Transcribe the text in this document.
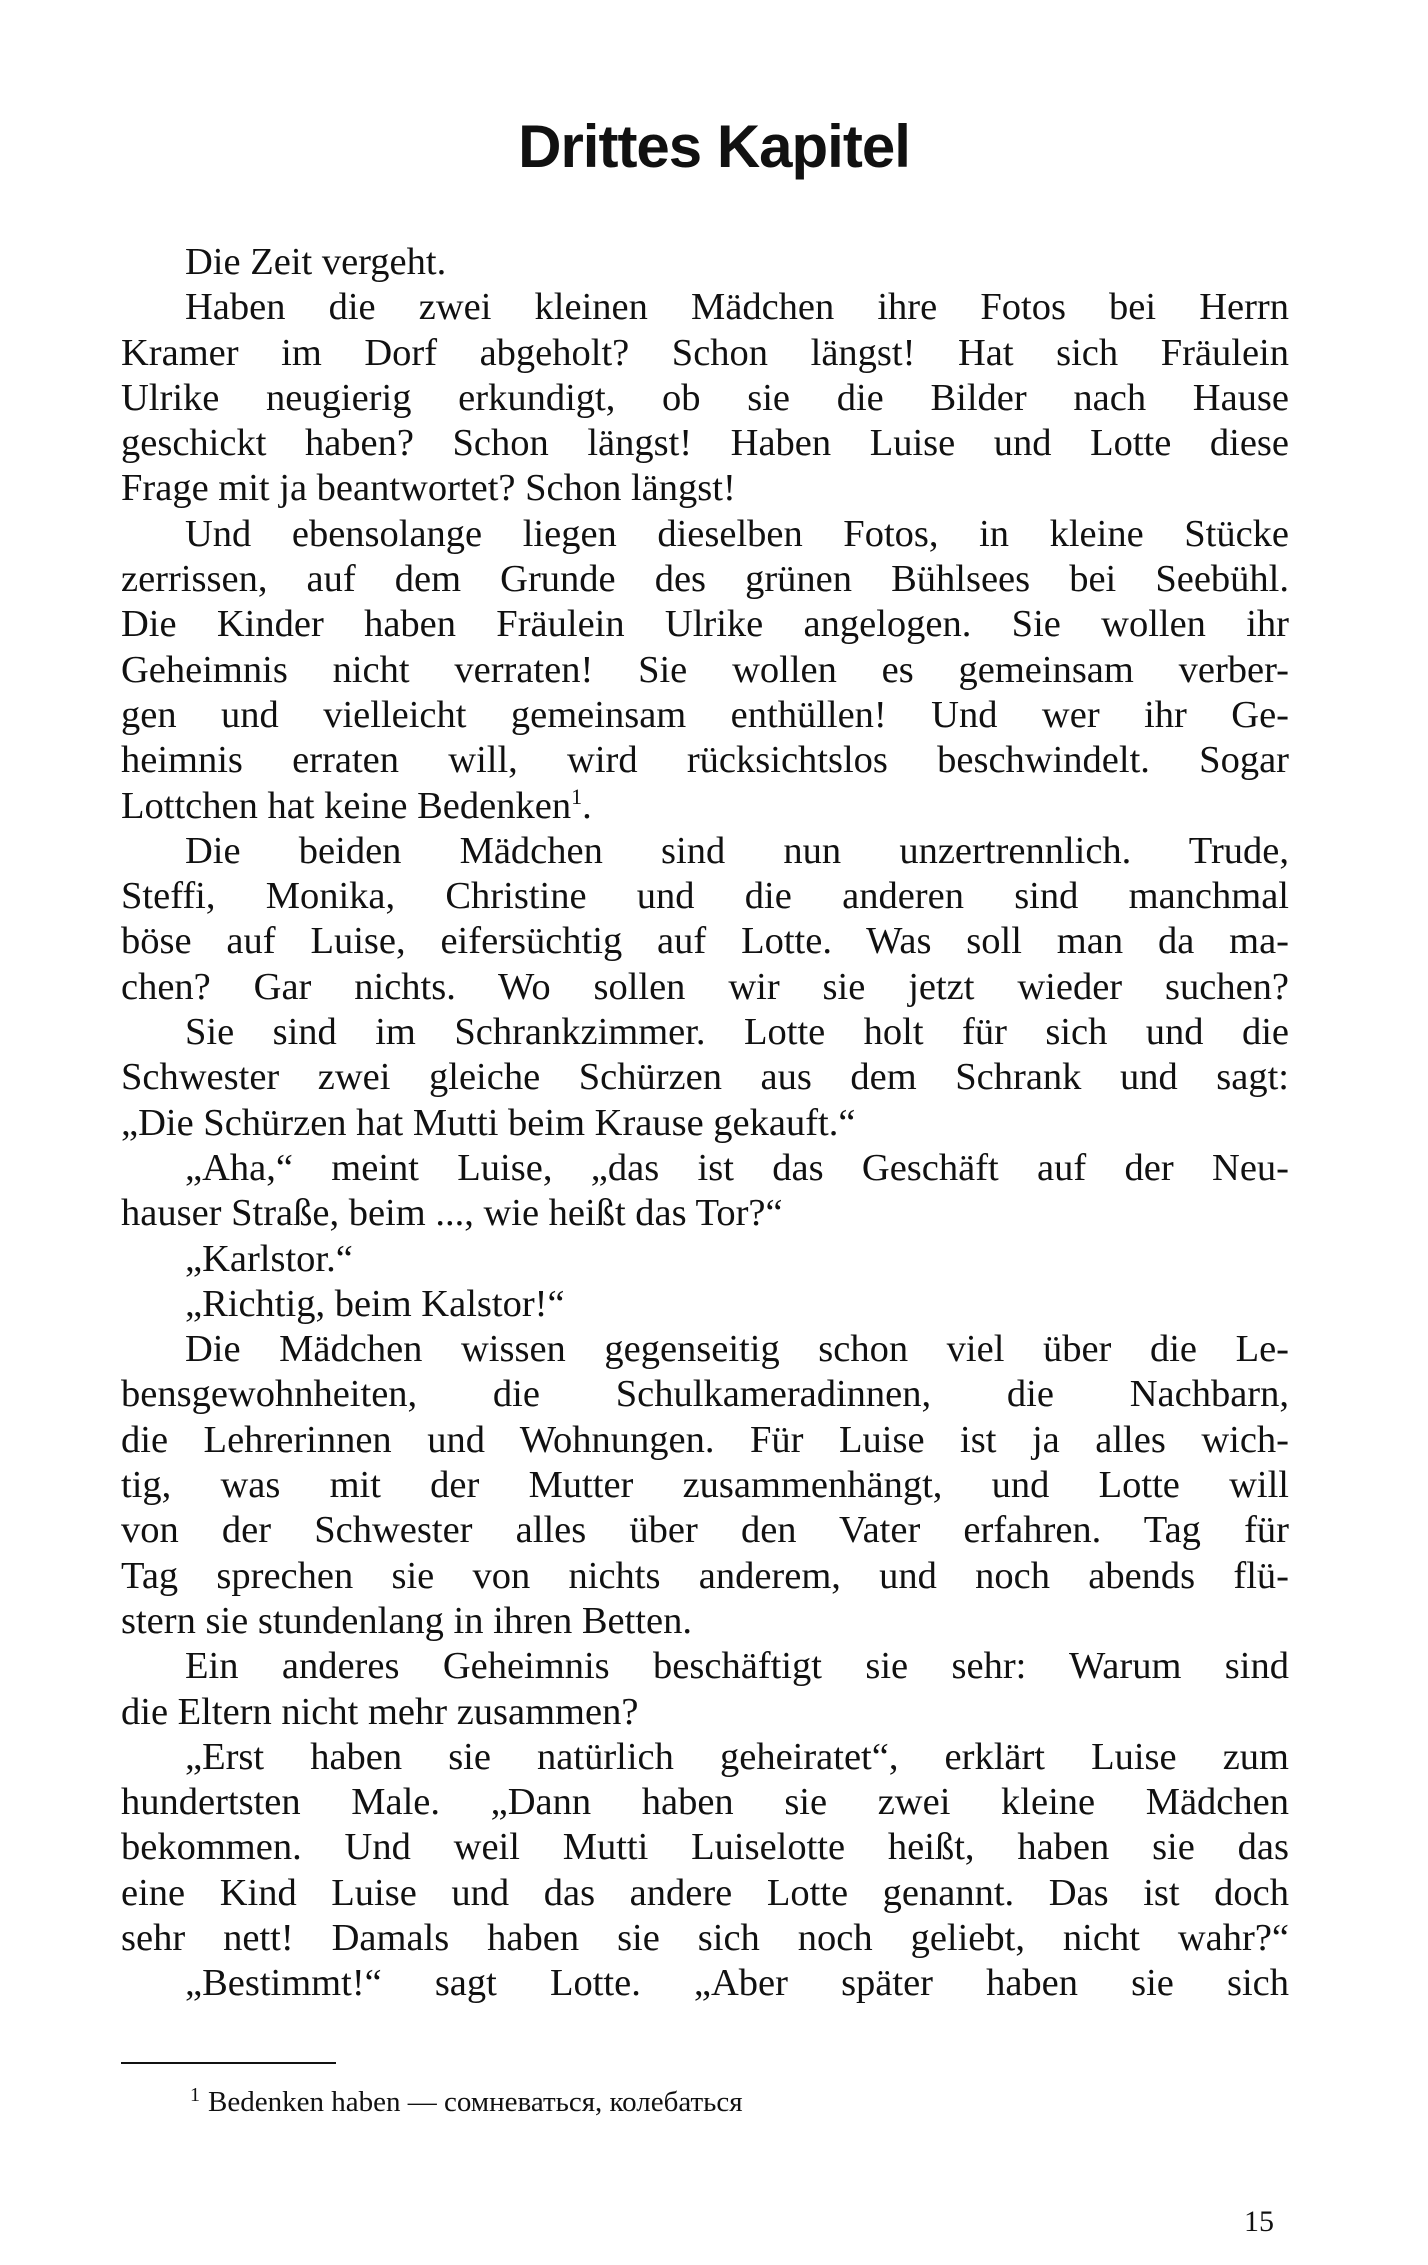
Drittes Kapitel
Die Zeit vergeht.
Haben die zwei kleinen Mädchen ihre Fotos bei Herrn
Kramer im Dorf abgeholt? Schon längst! Hat sich Fräulein
Ulrike neugierig erkundigt, ob sie die Bilder nach Hause
geschickt haben? Schon längst! Haben Luise und Lotte diese
Frage mit ja beantwortet? Schon längst!
Und ebensolange liegen dieselben Fotos, in kleine Stücke
zerrissen, auf dem Grunde des grünen Bühlsees bei Seebühl.
Die Kinder haben Fräulein Ulrike angelogen. Sie wollen ihr
Geheimnis nicht verraten! Sie wollen es gemeinsam verber-
gen und vielleicht gemeinsam enthüllen! Und wer ihr Ge-
heimnis erraten will, wird rücksichtslos beschwindelt. Sogar
Lottchen hat keine Bedenken$^1$.
Die beiden Mädchen sind nun unzertrennlich. Trude,
Steffi, Monika, Christine und die anderen sind manchmal
böse auf Luise, eifersüchtig auf Lotte. Was soll man da ma-
chen? Gar nichts. Wo sollen wir sie jetzt wieder suchen?
Sie sind im Schrankzimmer. Lotte holt für sich und die
Schwester zwei gleiche Schürzen aus dem Schrank und sagt:
„Die Schürzen hat Mutti beim Krause gekauft.“
„Aha,“ meint Luise, „das ist das Geschäft auf der Neu-
hauser Straße, beim ..., wie heißt das Tor?“
„Karlstor.“
„Richtig, beim Kalstor!“
Die Mädchen wissen gegenseitig schon viel über die Le-
bensgewohnheiten, die Schulkameradinnen, die Nachbarn,
die Lehrerinnen und Wohnungen. Für Luise ist ja alles wich-
tig, was mit der Mutter zusammenhängt, und Lotte will
von der Schwester alles über den Vater erfahren. Tag für
Tag sprechen sie von nichts anderem, und noch abends flü-
stern sie stundenlang in ihren Betten.
Ein anderes Geheimnis beschäftigt sie sehr: Warum sind
die Eltern nicht mehr zusammen?
„Erst haben sie natürlich geheiratet“, erklärt Luise zum
hundertsten Male. „Dann haben sie zwei kleine Mädchen
bekommen. Und weil Mutti Luiselotte heißt, haben sie das
eine Kind Luise und das andere Lotte genannt. Das ist doch
sehr nett! Damals haben sie sich noch geliebt, nicht wahr?“
„Bestimmt!“ sagt Lotte. „Aber später haben sie sich
$^1$ Bedenken haben — сомневаться, колебаться
15
